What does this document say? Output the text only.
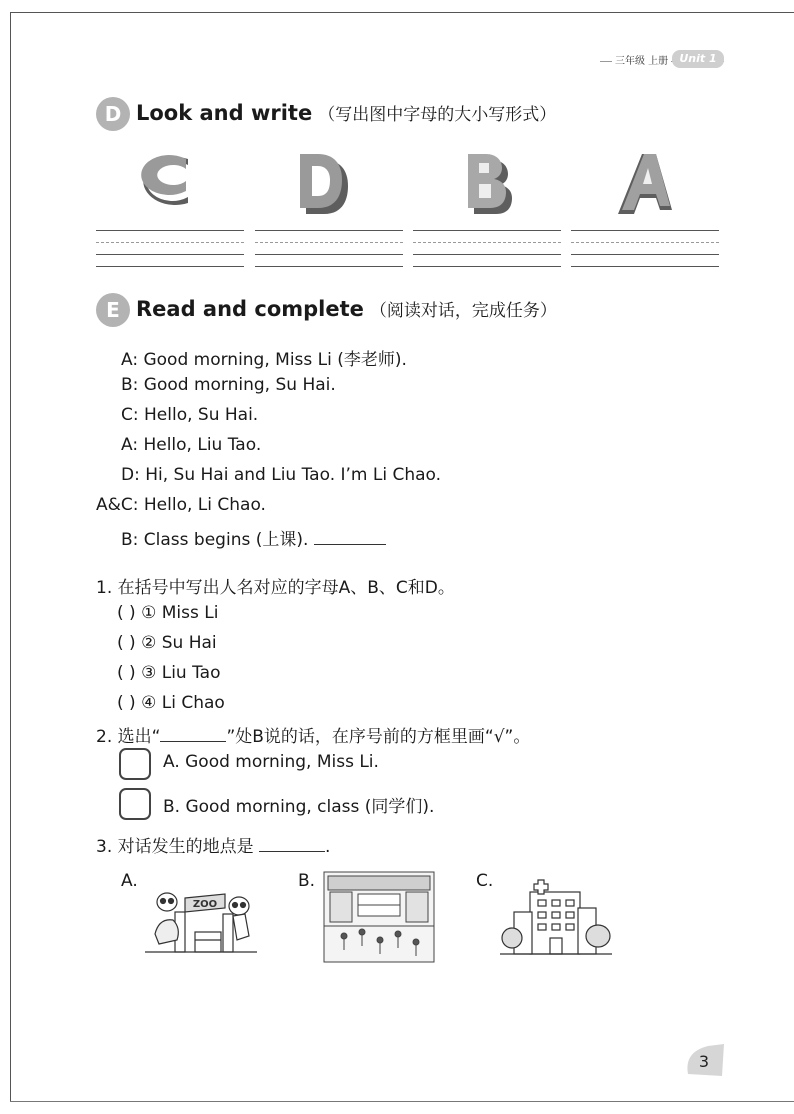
三年级 上册	Unit 1
D Look and write （写出图中字母的大小写形式）
E Read and complete （阅读对话，完成任务）
A: Good morning, Miss Li (李老师).
B: Good morning, Su Hai.
C: Hello, Su Hai.
A: Hello, Liu Tao.
D: Hi, Su Hai and Liu Tao. I’m Li Chao.
A&C: Hello, Li Chao.
B: Class begins (上课).
1. 在括号中写出人名对应的字母A、B、C和D。
( ) ① Miss Li
( ) ② Su Hai
( ) ③ Liu Tao
( ) ④ Li Chao
2. 选出“	”处B说的话，在序号前的方框里画“√”。
A. Good morning, Miss Li.
B. Good morning, class (同学们).
3. 对话发生的地点是	.
A.	B.	C.
ZOO
3
